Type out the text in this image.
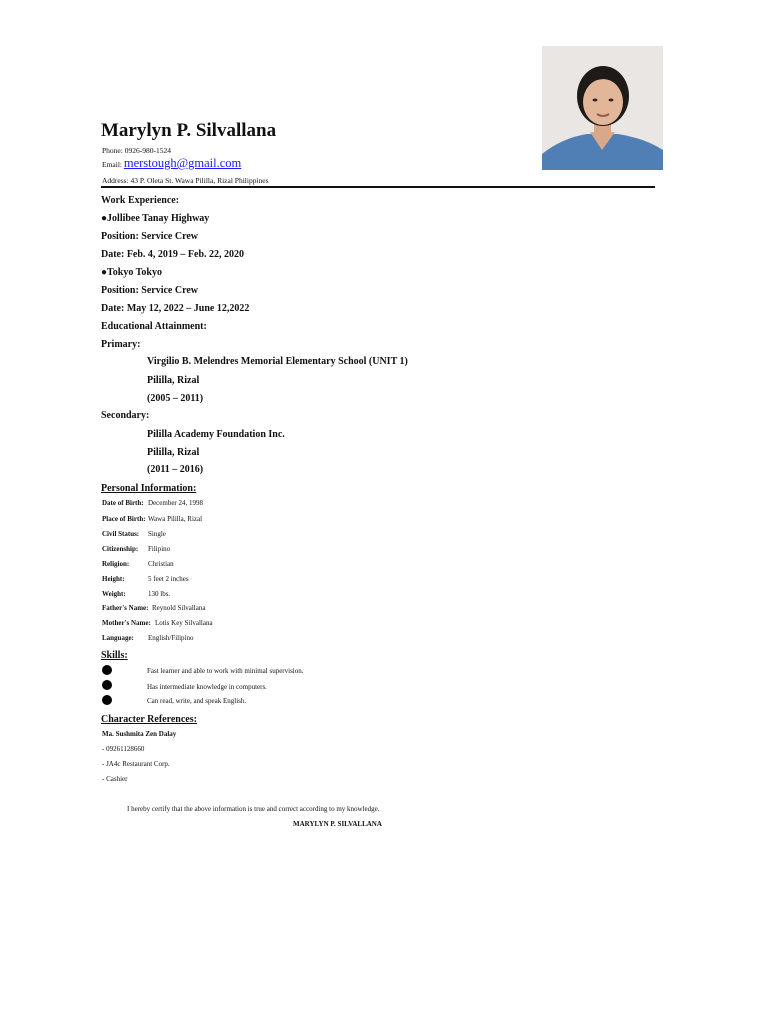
Marylyn P. Silvallana
Phone: 0926-980-1524
Email: merstough@gmail.com
Address: 43 P. Oleta St. Wawa Pililla, Rizal Philippines
Work Experience:
●Jollibee Tanay Highway
Position: Service Crew
Date: Feb. 4, 2019 – Feb. 22, 2020
●Tokyo Tokyo
Position: Service Crew
Date: May 12, 2022 – June 12,2022
Educational Attainment:
Primary:
Virgilio B. Melendres Memorial Elementary School (UNIT 1)
Pililla, Rizal
(2005 – 2011)
Secondary:
Pililla Academy Foundation Inc.
Pililla, Rizal
(2011 – 2016)
Personal Information:
Date of Birth: December 24, 1998
Place of Birth: Wawa Pililla, Rizal
Civil Status: Single
Citizenship: Filipino
Religion:	Christian
Height:	5 feet 2 inches
Weight:	130 lbs.
Father's Name: Reynold Silvallana
Mother's Name: Lotis Key Silvallana
Language: English/Filipino
Skills:
Fast learner and able to work with minimal supervision.
Has intermediate knowledge in computers.
Can read, write, and speak English.
Character References:
Ma. Sushmita Zen Dalay
- 09261128660
- JA4c Restaurant Corp.
- Cashier
I hereby certify that the above information is true and correct according to my knowledge.
MARYLYN P. SILVALLANA
